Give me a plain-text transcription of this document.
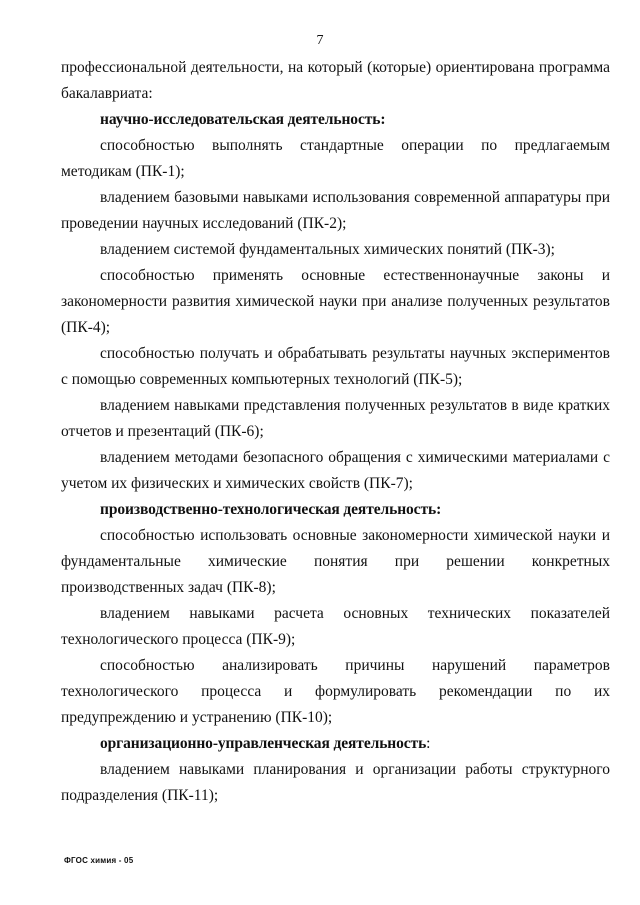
7

профессиональной деятельности, на который (которые) ориентирована программа бакалавриата:

научно-исследовательская деятельность:

способностью выполнять стандартные операции по предлагаемым методикам (ПК-1);

владением базовыми навыками использования современной аппаратуры при проведении научных исследований (ПК-2);

владением системой фундаментальных химических понятий (ПК-3);

способностью применять основные естественнонаучные законы и закономерности развития химической науки при анализе полученных результатов (ПК-4);

способностью получать и обрабатывать результаты научных экспериментов с помощью современных компьютерных технологий (ПК-5);

владением навыками представления полученных результатов в виде кратких отчетов и презентаций (ПК-6);

владением методами безопасного обращения с химическими материалами с учетом их физических и химических свойств (ПК-7);

производственно-технологическая деятельность:

способностью использовать основные закономерности химической науки и фундаментальные химические понятия при решении конкретных производственных задач (ПК-8);

владением навыками расчета основных технических показателей технологического процесса (ПК-9);

способностью анализировать причины нарушений параметров технологического процесса и формулировать рекомендации по их предупреждению и устранению (ПК-10);

организационно-управленческая деятельность:

владением навыками планирования и организации работы структурного подразделения (ПК-11);

ФГОС химия - 05
